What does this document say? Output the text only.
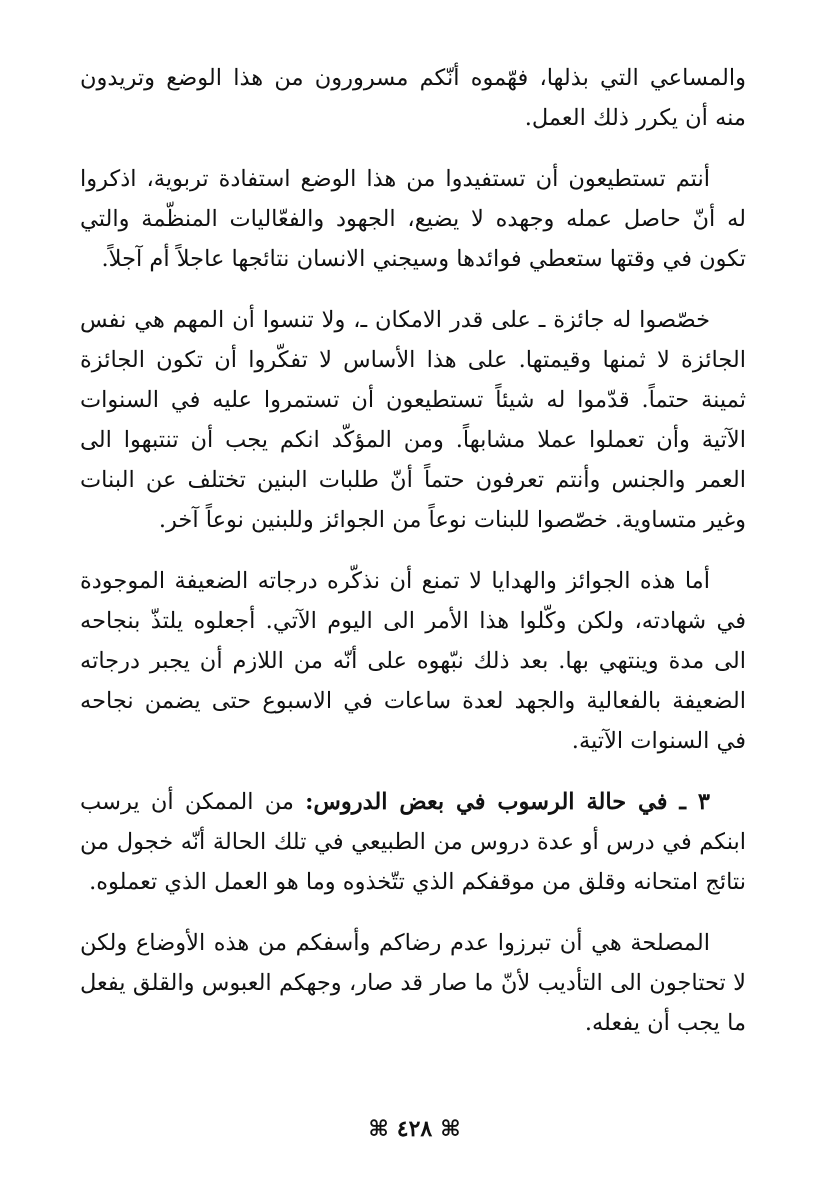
والمساعي التي بذلها، فهّموه أنّكم مسرورون من هذا الوضع وتريدون منه أن يكرر ذلك العمل.

أنتم تستطيعون أن تستفيدوا من هذا الوضع استفادة تربوية، اذكروا له أنّ حاصل عمله وجهده لا يضيع، الجهود والفعّاليات المنظّمة والتي تكون في وقتها ستعطي فوائدها وسيجني الانسان نتائجها عاجلاً أم آجلاً.

خصّصوا له جائزة ـ على قدر الامكان ـ، ولا تنسوا أن المهم هي نفس الجائزة لا ثمنها وقيمتها. على هذا الأساس لا تفكّروا أن تكون الجائزة ثمينة حتماً. قدّموا له شيئاً تستطيعون أن تستمروا عليه في السنوات الآتية وأن تعملوا عملا مشابهاً. ومن المؤكّد انكم يجب أن تنتبهوا الى العمر والجنس وأنتم تعرفون حتماً أنّ طلبات البنين تختلف عن البنات وغير متساوية. خصّصوا للبنات نوعاً من الجوائز وللبنين نوعاً آخر.

أما هذه الجوائز والهدايا لا تمنع أن نذكّره درجاته الضعيفة الموجودة في شهادته، ولكن وكّلوا هذا الأمر الى اليوم الآتي. أجعلوه يلتذّ بنجاحه الى مدة وينتهي بها. بعد ذلك نبّهوه على أنّه من اللازم أن يجبر درجاته الضعيفة بالفعالية والجهد لعدة ساعات في الاسبوع حتى يضمن نجاحه في السنوات الآتية.

٣ ـ في حالة الرسوب في بعض الدروس: من الممكن أن يرسب ابنكم في درس أو عدة دروس من الطبيعي في تلك الحالة أنّه خجول من نتائج امتحانه وقلق من موقفكم الذي تتّخذوه وما هو العمل الذي تعملوه.

المصلحة هي أن تبرزوا عدم رضاكم وأسفكم من هذه الأوضاع ولكن لا تحتاجون الى التأديب لأنّ ما صار قد صار، وجهكم العبوس والقلق يفعل ما يجب أن يفعله.

⌘٤٢٨⌘
